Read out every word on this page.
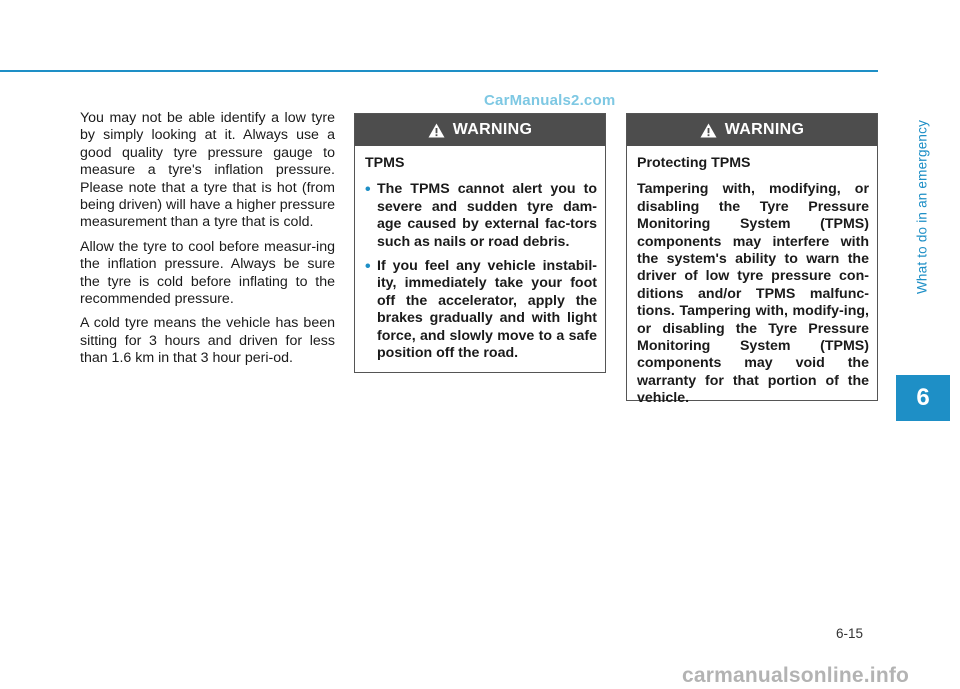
CarManuals2.com

You may not be able identify a low tyre by simply looking at it. Always use a good quality tyre pressure gauge to measure a tyre's inflation pressure. Please note that a tyre that is hot (from being driven) will have a higher pressure measurement than a tyre that is cold.

Allow the tyre to cool before measur-ing the inflation pressure. Always be sure the tyre is cold before inflating to the recommended pressure.

A cold tyre means the vehicle has been sitting for 3 hours and driven for less than 1.6 km in that 3 hour peri-od.

WARNING
TPMS
• The TPMS cannot alert you to severe and sudden tyre dam-age caused by external fac-tors such as nails or road debris.
• If you feel any vehicle instabil-ity, immediately take your foot off the accelerator, apply the brakes gradually and with light force, and slowly move to a safe position off the road.
WARNING
Protecting TPMS
Tampering with, modifying, or disabling the Tyre Pressure Monitoring System (TPMS) components may interfere with the system's ability to warn the driver of low tyre pressure con-ditions and/or TPMS malfunc-tions. Tampering with, modify-ing, or disabling the Tyre Pressure Monitoring System (TPMS) components may void the warranty for that portion of the vehicle.
What to do in an emergency
6
6-15
carmanualsonline.info
